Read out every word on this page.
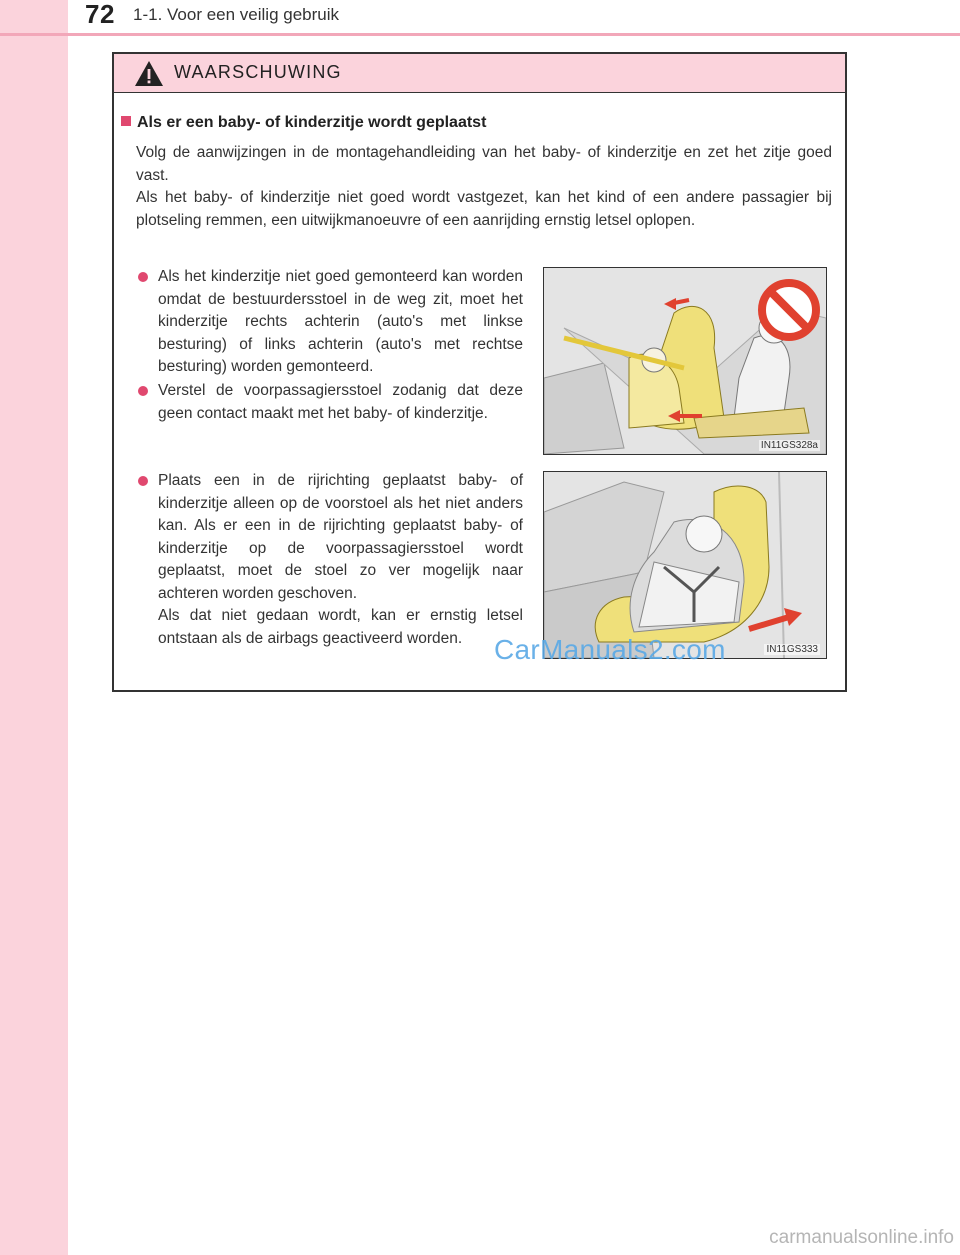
72 1-1. Voor een veilig gebruik
WAARSCHUWING
Als er een baby- of kinderzitje wordt geplaatst

Volg de aanwijzingen in de montagehandleiding van het baby- of kinderzitje en zet het zitje goed vast.

Als het baby- of kinderzitje niet goed wordt vastgezet, kan het kind of een andere passagier bij plotseling remmen, een uitwijkmanoeuvre of een aanrijding ernstig letsel oplopen.

Als het kinderzitje niet goed gemonteerd kan worden omdat de bestuurdersstoel in de weg zit, moet het kinderzitje rechts achterin (auto's met linkse besturing) of links achterin (auto's met rechtse besturing) worden gemonteerd.

Verstel de voorpassagiersstoel zodanig dat deze geen contact maakt met het baby- of kinderzitje.

Plaats een in de rijrichting geplaatst baby- of kinderzitje alleen op de voorstoel als het niet anders kan. Als er een in de rijrichting geplaatst baby- of kinderzitje op de voorpassagiersstoel wordt geplaatst, moet de stoel zo ver mogelijk naar achteren worden geschoven.

Als dat niet gedaan wordt, kan er ernstig letsel ontstaan als de airbags geactiveerd worden.

IN11GS328a
IN11GS333
CarManuals2.com
carmanualsonline.info
